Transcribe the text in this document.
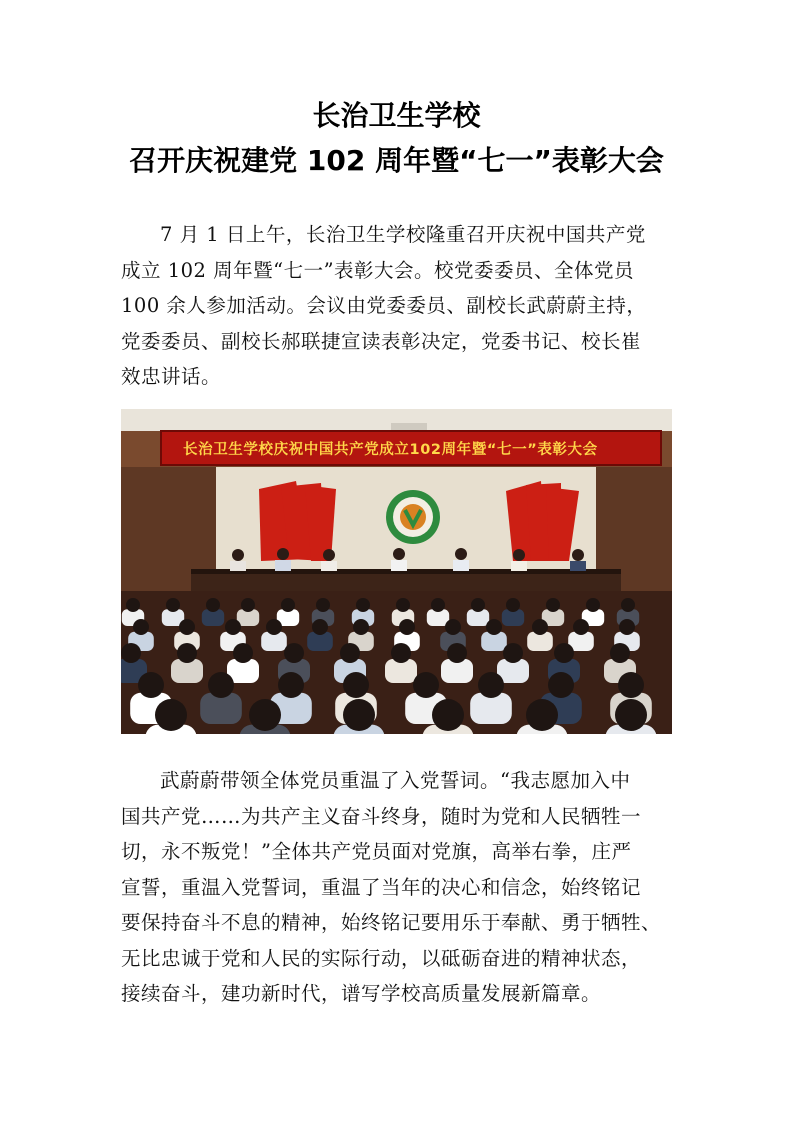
长治卫生学校
召开庆祝建党 102 周年暨“七一”表彰大会
7 月 1 日上午，长治卫生学校隆重召开庆祝中国共产党
成立 102 周年暨“七一”表彰大会。校党委委员、全体党员
100 余人参加活动。会议由党委委员、副校长武蔚蔚主持，
党委委员、副校长郝联捷宣读表彰决定，党委书记、校长崔
效忠讲话。
长治卫生学校庆祝中国共产党成立102周年暨“七一”表彰大会
武蔚蔚带领全体党员重温了入党誓词。“我志愿加入中
国共产党……为共产主义奋斗终身，随时为党和人民牺牲一
切，永不叛党！”全体共产党员面对党旗，高举右拳，庄严
宣誓，重温入党誓词，重温了当年的决心和信念，始终铭记
要保持奋斗不息的精神，始终铭记要用乐于奉献、勇于牺牲、
无比忠诚于党和人民的实际行动，以砥砺奋进的精神状态，
接续奋斗，建功新时代，谱写学校高质量发展新篇章。
